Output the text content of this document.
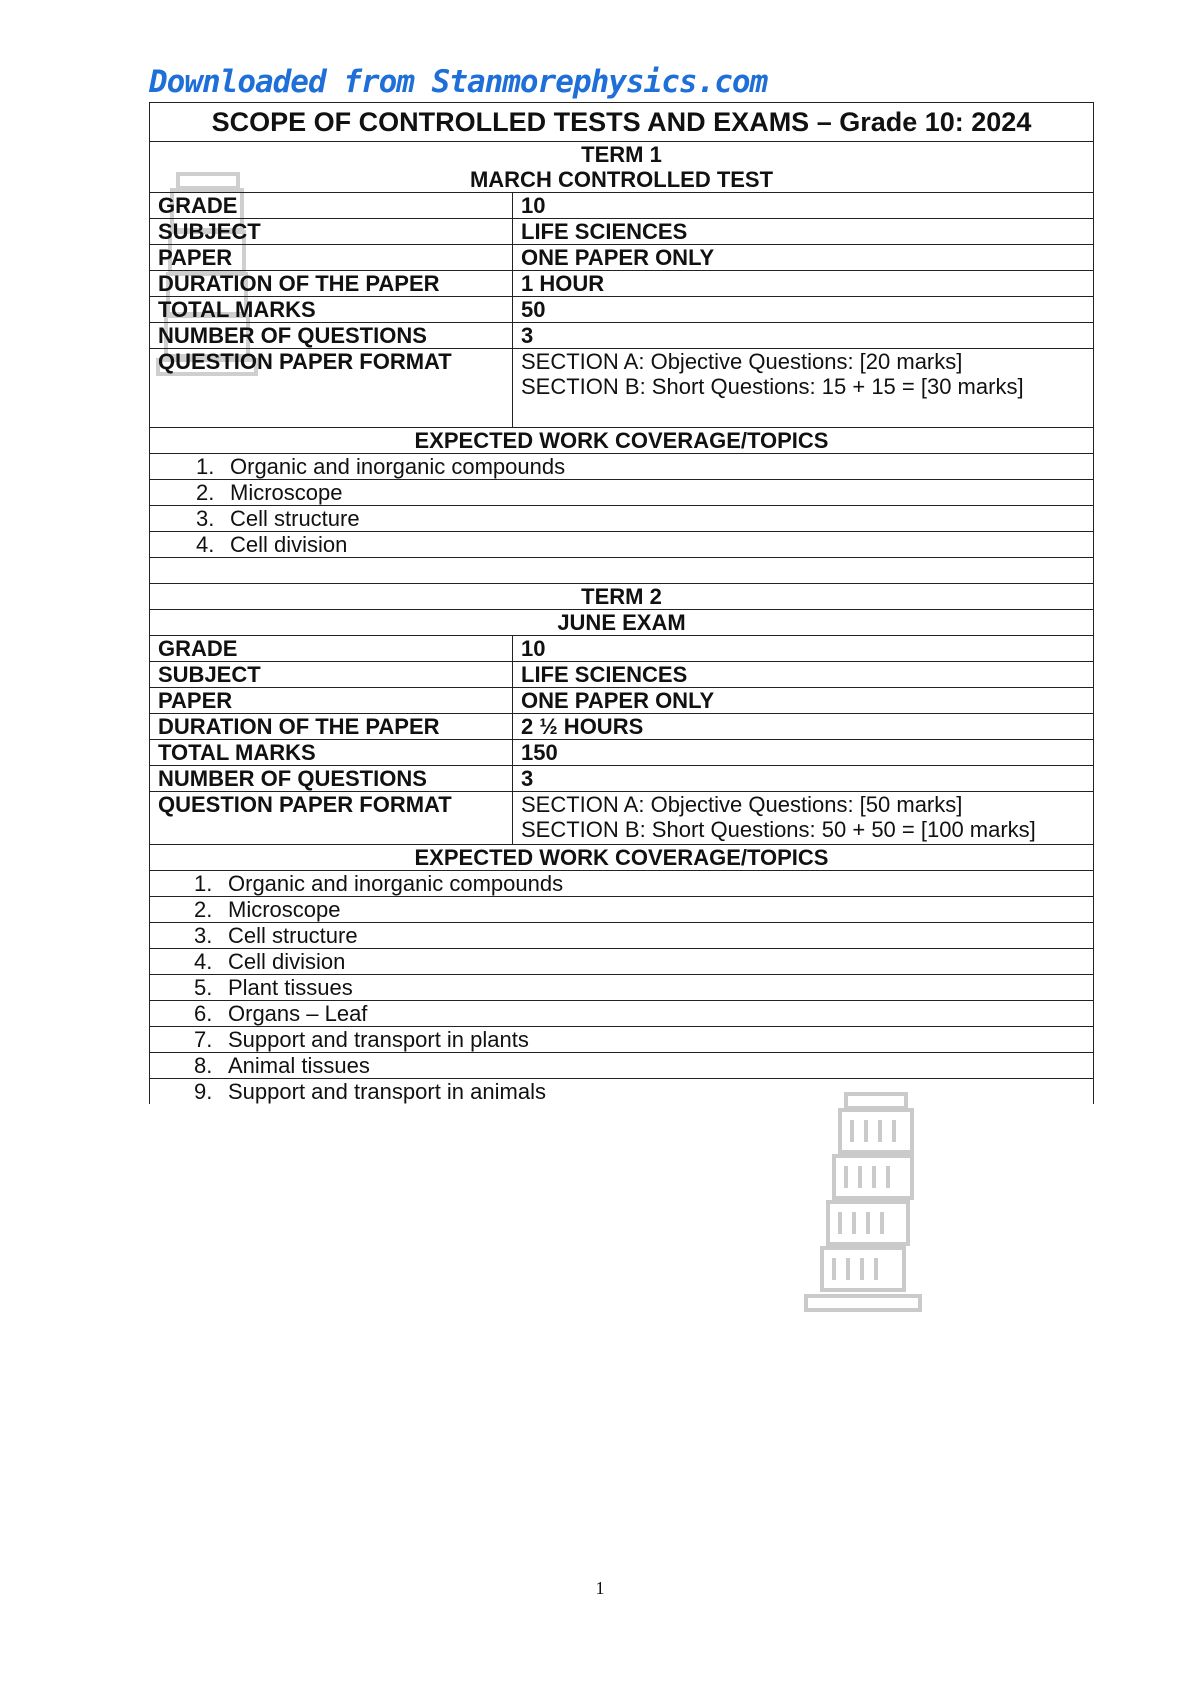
Downloaded from Stanmorephysics.com
SCOPE OF CONTROLLED TESTS AND EXAMS – Grade 10: 2024	
TERM 1	
MARCH CONTROLLED TEST	
GRADE	10
SUBJECT	LIFE SCIENCES
PAPER	ONE PAPER ONLY
DURATION OF THE PAPER	1 HOUR
TOTAL MARKS	50
NUMBER OF QUESTIONS	3
QUESTION PAPER FORMAT	SECTION A: Objective Questions: [20 marks]
SECTION B: Short Questions: 15 + 15 = [30 marks]

EXPECTED WORK COVERAGE/TOPICS	
1. Organic and inorganic compounds	
2. Microscope	
3. Cell structure	
4. Cell division	

TERM 2	
JUNE EXAM	
GRADE	10
SUBJECT	LIFE SCIENCES
PAPER	ONE PAPER ONLY
DURATION OF THE PAPER	2 ½ HOURS
TOTAL MARKS	150
NUMBER OF QUESTIONS	3
QUESTION PAPER FORMAT	SECTION A: Objective Questions: [50 marks]
SECTION B: Short Questions: 50 + 50 = [100 marks]

EXPECTED WORK COVERAGE/TOPICS	
1. Organic and inorganic compounds	
2. Microscope	
3. Cell structure	
4. Cell division	
5. Plant tissues	
6. Organs – Leaf	
7. Support and transport in plants	
8. Animal tissues	
9. Support and transport in animals	
1
